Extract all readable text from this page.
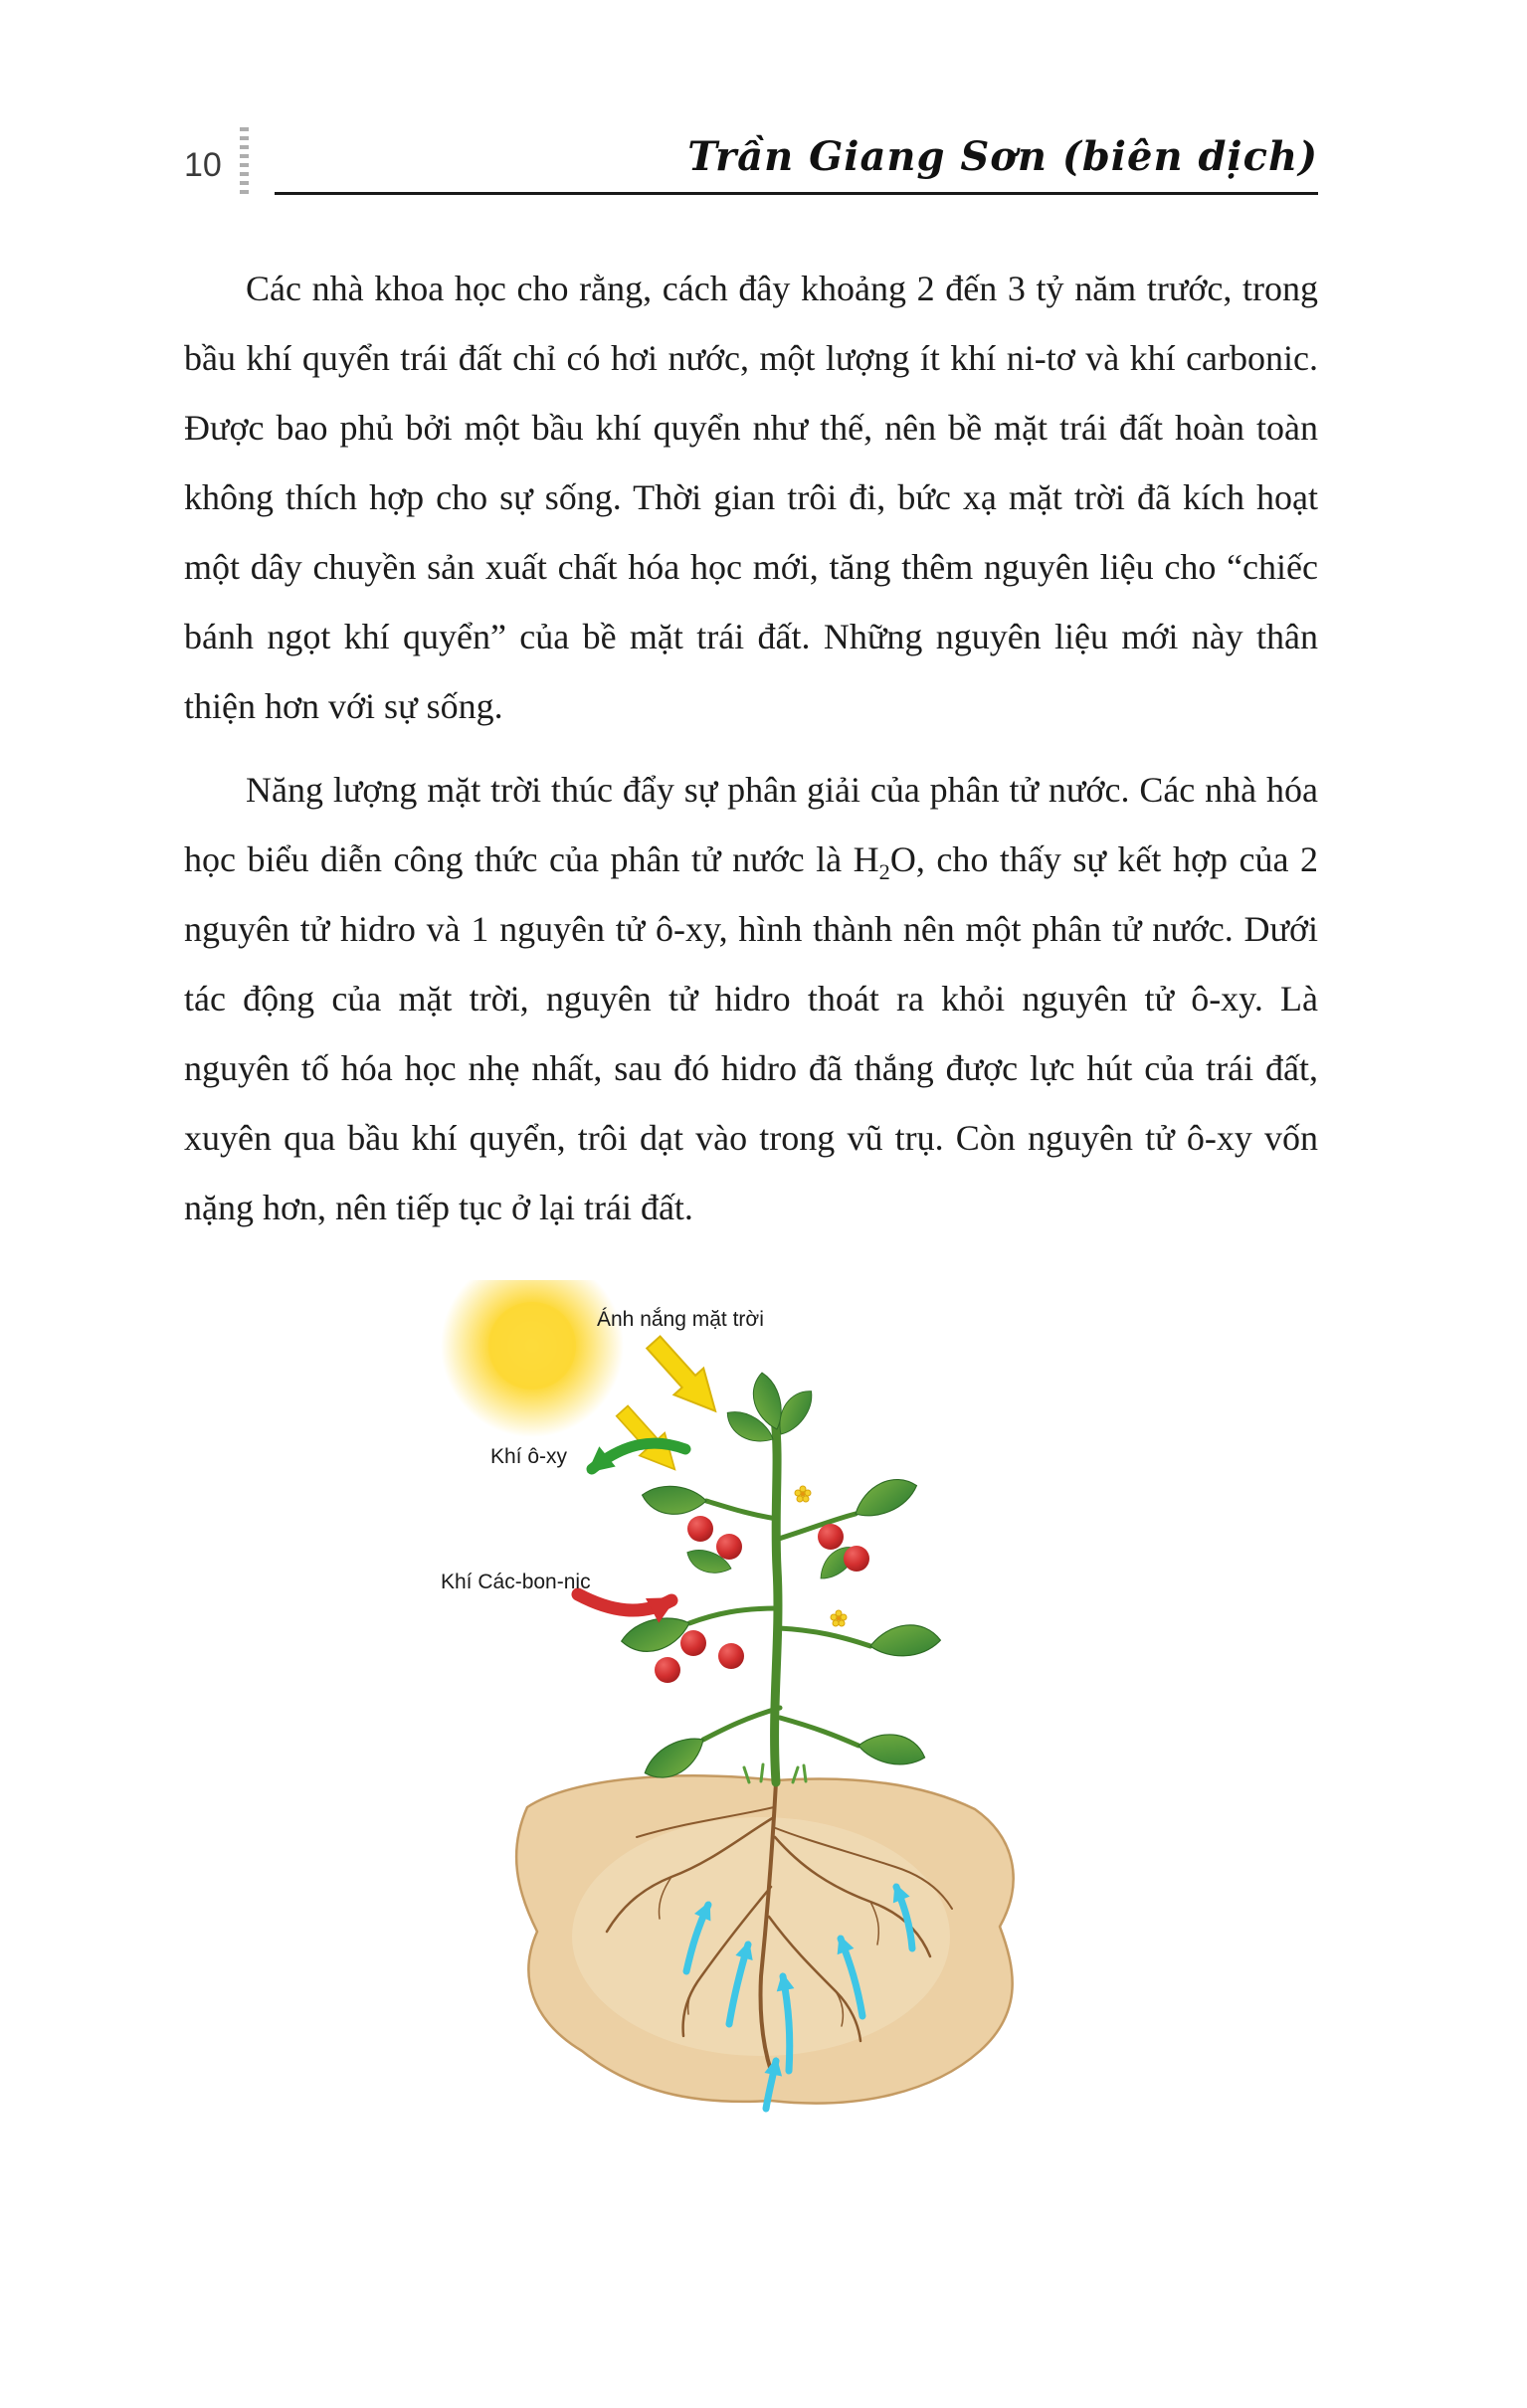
10	Trần Giang Sơn (biên dịch)

Các nhà khoa học cho rằng, cách đây khoảng 2 đến 3 tỷ năm trước, trong bầu khí quyển trái đất chỉ có hơi nước, một lượng ít khí ni-tơ và khí carbonic. Được bao phủ bởi một bầu khí quyển như thế, nên bề mặt trái đất hoàn toàn không thích hợp cho sự sống. Thời gian trôi đi, bức xạ mặt trời đã kích hoạt một dây chuyền sản xuất chất hóa học mới, tăng thêm nguyên liệu cho “chiếc bánh ngọt khí quyển” của bề mặt trái đất. Những nguyên liệu mới này thân thiện hơn với sự sống.

Năng lượng mặt trời thúc đẩy sự phân giải của phân tử nước. Các nhà hóa học biểu diễn công thức của phân tử nước là $H_2O$, cho thấy sự kết hợp của 2 nguyên tử hidro và 1 nguyên tử ô-xy, hình thành nên một phân tử nước. Dưới tác động của mặt trời, nguyên tử hidro thoát ra khỏi nguyên tử ô-xy. Là nguyên tố hóa học nhẹ nhất, sau đó hidro đã thắng được lực hút của trái đất, xuyên qua bầu khí quyển, trôi dạt vào trong vũ trụ. Còn nguyên tử ô-xy vốn nặng hơn, nên tiếp tục ở lại trái đất.

Ánh nắng mặt trời
Khí ô-xy
Khí Các-bon-nic
